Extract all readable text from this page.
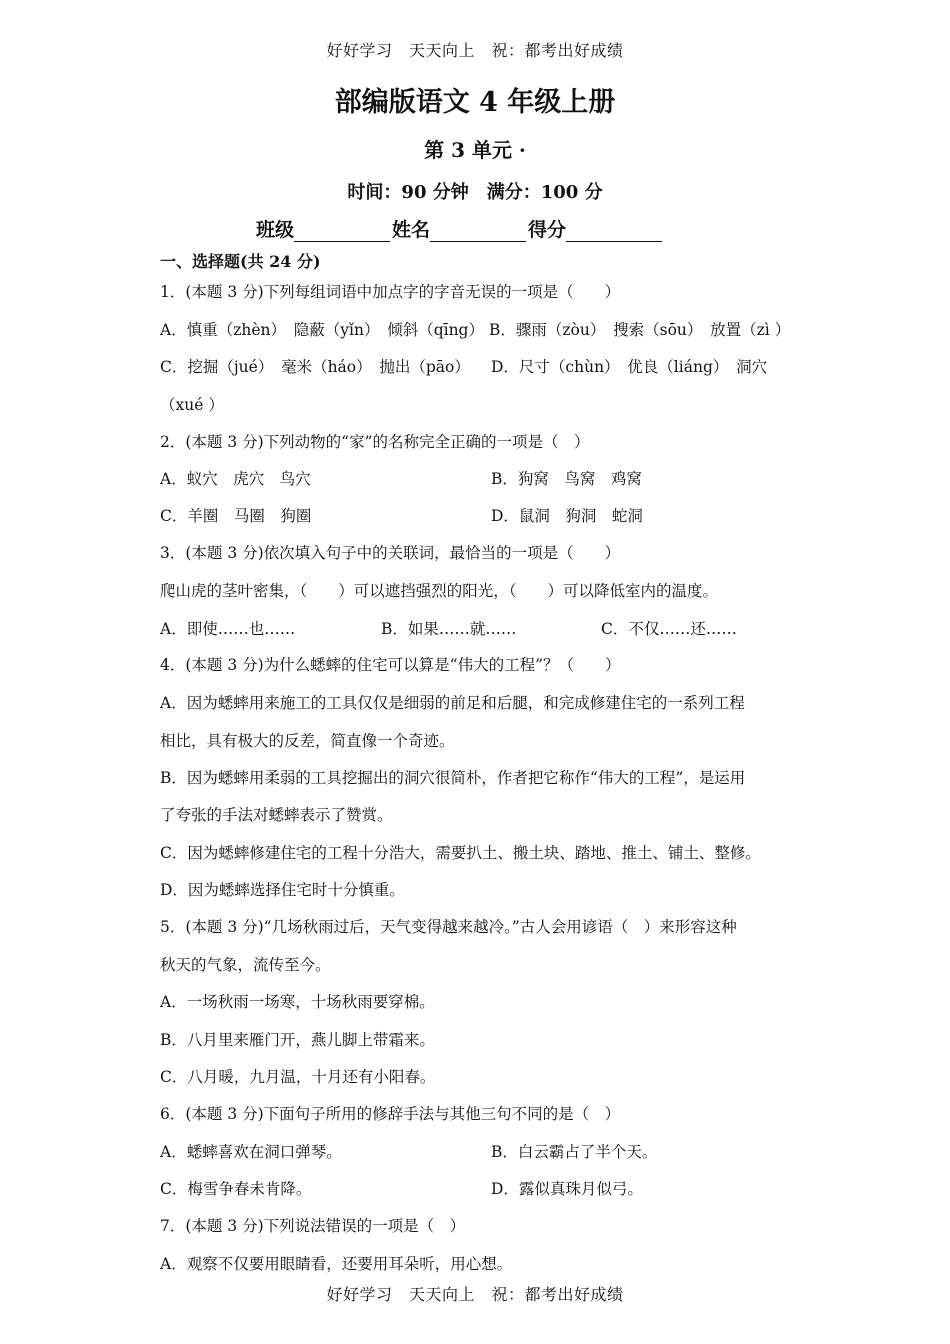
好好学习　天天向上　祝：都考出好成绩
部编版语文 4 年级上册
第 3 单元 ·
时间：90 分钟　满分：100 分
班级	姓名	得分
一、选择题(共 24 分)
1．(本题 3 分)下列每组词语中加点字的字音无误的一项是（　　）
A．慎重（zhèn）　隐蔽（yǐn）　倾斜（qīng） B．骤雨（zòu）　搜索（sōu）　放置（zì ）
C．挖掘（jué）　毫米（háo）　抛出（pāo） D．尺寸（chùn）　优良（liáng）　洞穴
（xué ）
2．(本题 3 分)下列动物的“家”的名称完全正确的一项是（　）
A．蚁穴　虎穴　鸟穴	B．狗窝　鸟窝　鸡窝
C．羊圈　马圈　狗圈	D．鼠洞　狗洞　蛇洞
3．(本题 3 分)依次填入句子中的关联词，最恰当的一项是（　　）
爬山虎的茎叶密集，（　　）可以遮挡强烈的阳光，（　　）可以降低室内的温度。
A．即使……也……	B．如果……就……	C．不仅……还……
4．(本题 3 分)为什么蟋蟀的住宅可以算是“伟大的工程”？（　　）
A．因为蟋蟀用来施工的工具仅仅是细弱的前足和后腿，和完成修建住宅的一系列工程
相比，具有极大的反差，简直像一个奇迹。
B．因为蟋蟀用柔弱的工具挖掘出的洞穴很简朴，作者把它称作“伟大的工程”，是运用
了夸张的手法对蟋蟀表示了赞赏。
C．因为蟋蟀修建住宅的工程十分浩大，需要扒土、搬土块、踏地、推土、铺土、整修。
D．因为蟋蟀选择住宅时十分慎重。
5．(本题 3 分)“几场秋雨过后，天气变得越来越冷。”古人会用谚语（　）来形容这种
秋天的气象，流传至今。
A．一场秋雨一场寒，十场秋雨要穿棉。
B．八月里来雁门开，燕儿脚上带霜来。
C．八月暖，九月温，十月还有小阳春。
6．(本题 3 分)下面句子所用的修辞手法与其他三句不同的是（　）
A．蟋蟀喜欢在洞口弹琴。	B．白云霸占了半个天。
C．梅雪争春未肯降。	D．露似真珠月似弓。
7．(本题 3 分)下列说法错误的一项是（　）
A．观察不仅要用眼睛看，还要用耳朵听，用心想。
好好学习　天天向上　祝：都考出好成绩
